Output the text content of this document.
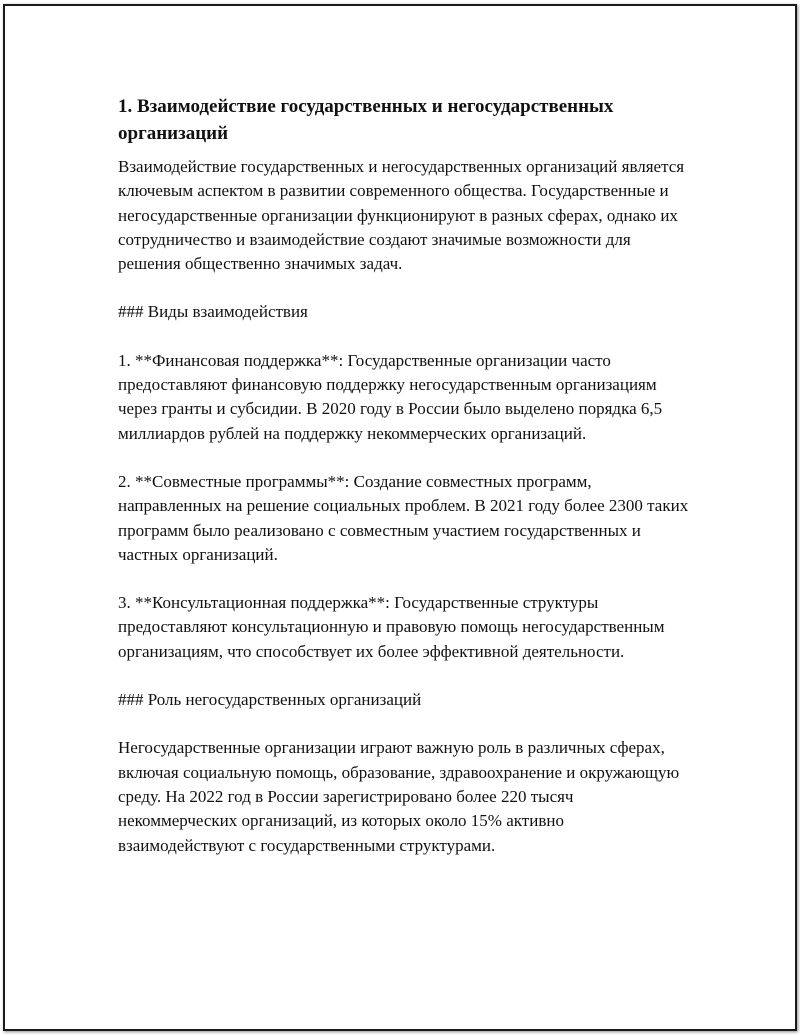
1. Взаимодействие государственных и негосударственных организаций

Взаимодействие государственных и негосударственных организаций является ключевым аспектом в развитии современного общества. Государственные и негосударственные организации функционируют в разных сферах, однако их сотрудничество и взаимодействие создают значимые возможности для решения общественно значимых задач.

### Виды взаимодействия

1. **Финансовая поддержка**: Государственные организации часто предоставляют финансовую поддержку негосударственным организациям через гранты и субсидии. В 2020 году в России было выделено порядка 6,5 миллиардов рублей на поддержку некоммерческих организаций.

2. **Совместные программы**: Создание совместных программ, направленных на решение социальных проблем. В 2021 году более 2300 таких программ было реализовано с совместным участием государственных и частных организаций.

3. **Консультационная поддержка**: Государственные структуры предоставляют консультационную и правовую помощь негосударственным организациям, что способствует их более эффективной деятельности.

### Роль негосударственных организаций

Негосударственные организации играют важную роль в различных сферах, включая социальную помощь, образование, здравоохранение и окружающую среду. На 2022 год в России зарегистрировано более 220 тысяч некоммерческих организаций, из которых около 15% активно взаимодействуют с государственными структурами.
